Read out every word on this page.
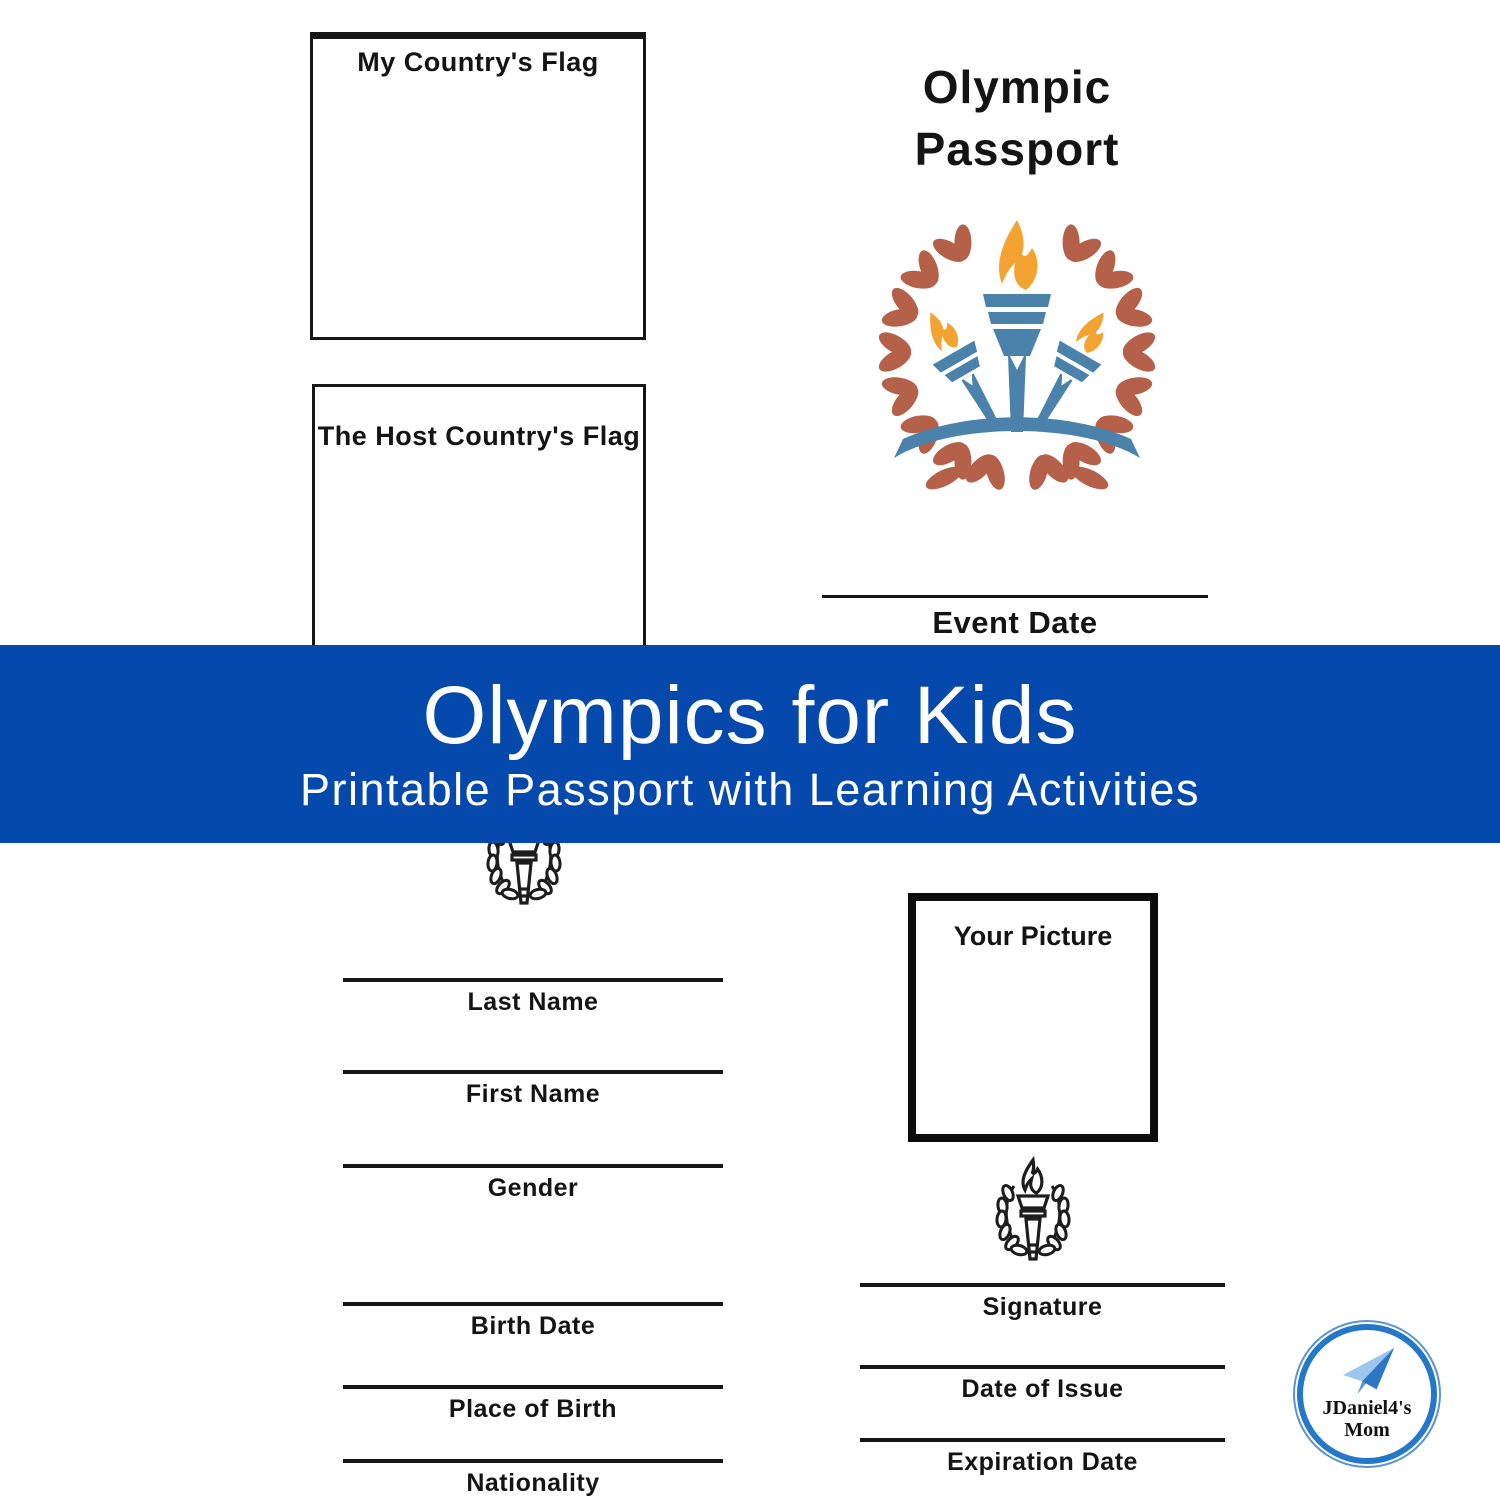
My Country's Flag
The Host Country's Flag
Olympic
Passport
Event Date
Olympics for Kids
Printable Passport with Learning Activities
Last Name
First Name
Gender
Birth Date
Place of Birth
Nationality
Your Picture
Signature
Date of Issue
Expiration Date
JDaniel4's
Mom
